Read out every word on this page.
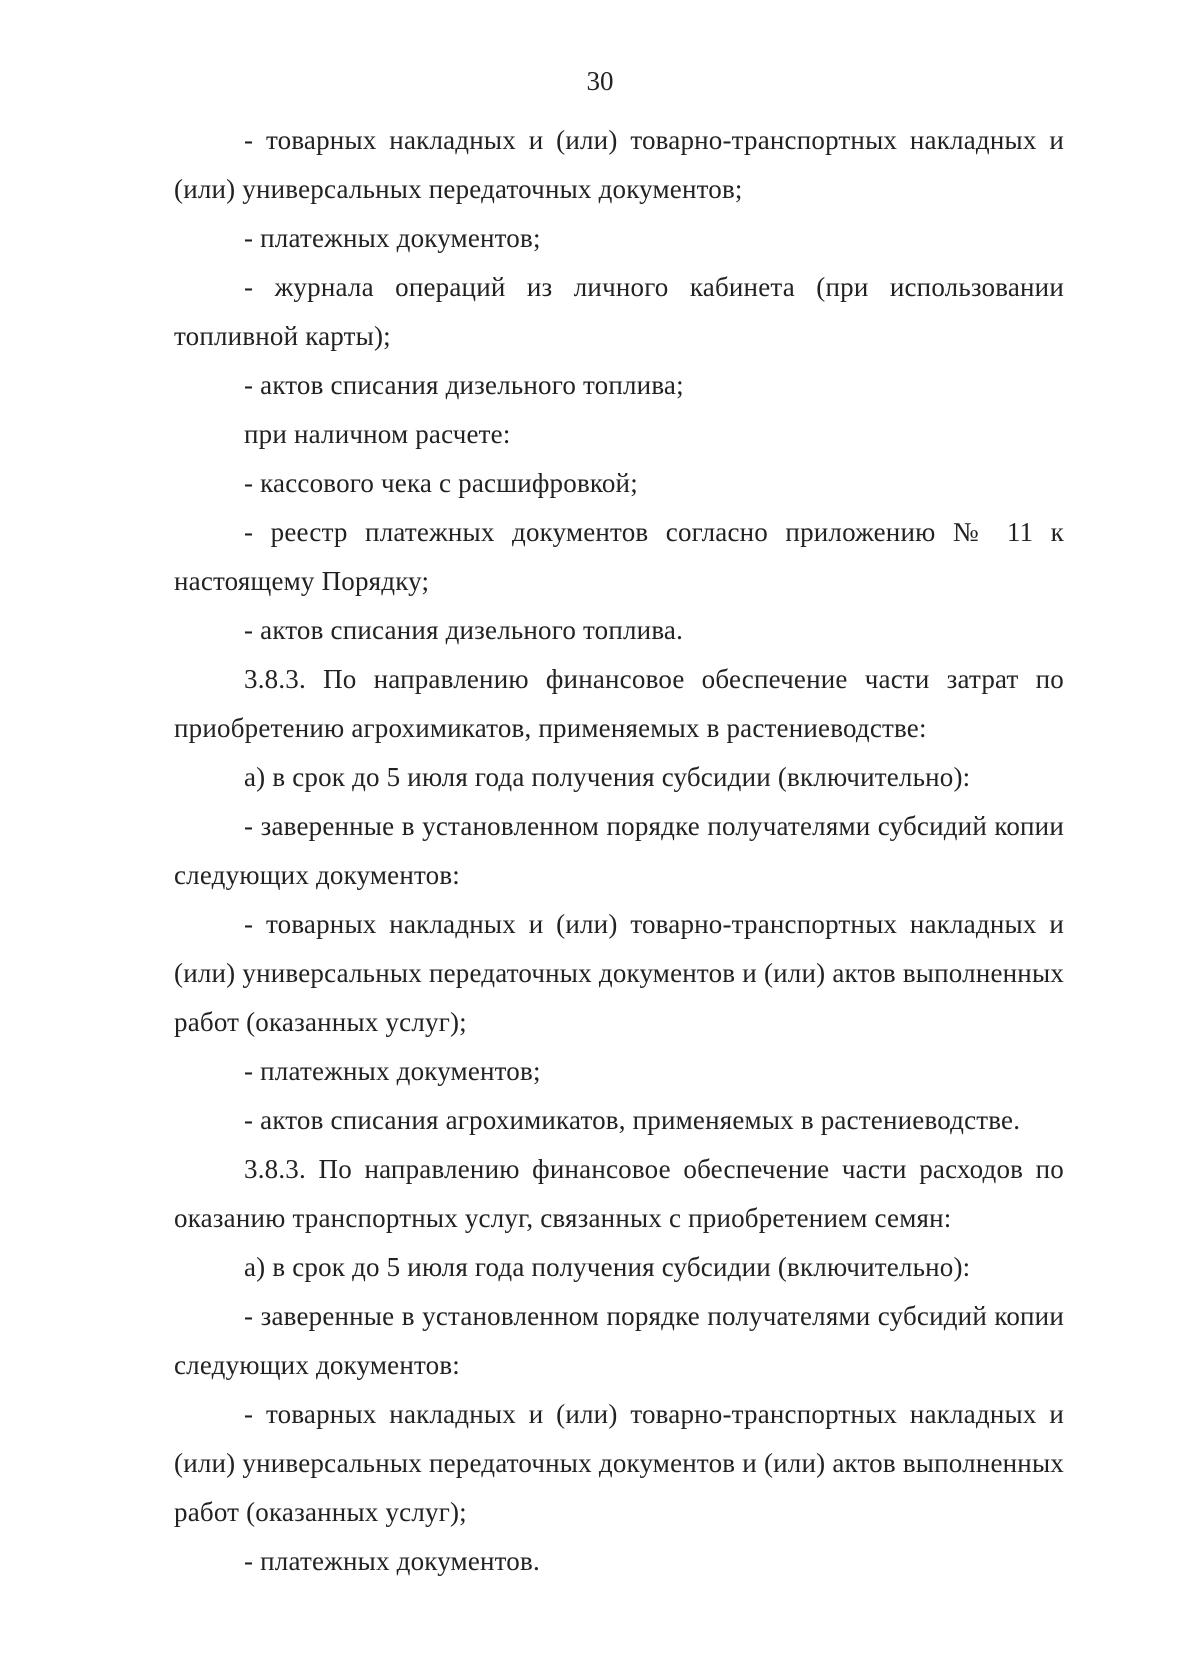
30

- товарных накладных и (или) товарно-транспортных накладных и (или) универсальных передаточных документов;

- платежных документов;

- журнала операций из личного кабинета (при использовании топливной карты);

- актов списания дизельного топлива;

при наличном расчете:

- кассового чека с расшифровкой;

- реестр платежных документов согласно приложению № 11 к настоящему Порядку;

- актов списания дизельного топлива.

3.8.3. По направлению финансовое обеспечение части затрат по приобретению агрохимикатов, применяемых в растениеводстве:

а) в срок до 5 июля года получения субсидии (включительно):

- заверенные в установленном порядке получателями субсидий копии следующих документов:

- товарных накладных и (или) товарно-транспортных накладных и (или) универсальных передаточных документов и (или) актов выполненных работ (оказанных услуг);

- платежных документов;

- актов списания агрохимикатов, применяемых в растениеводстве.

3.8.3. По направлению финансовое обеспечение части расходов по оказанию транспортных услуг, связанных с приобретением семян:

а) в срок до 5 июля года получения субсидии (включительно):

- заверенные в установленном порядке получателями субсидий копии следующих документов:

- товарных накладных и (или) товарно-транспортных накладных и (или) универсальных передаточных документов и (или) актов выполненных работ (оказанных услуг);

- платежных документов.
